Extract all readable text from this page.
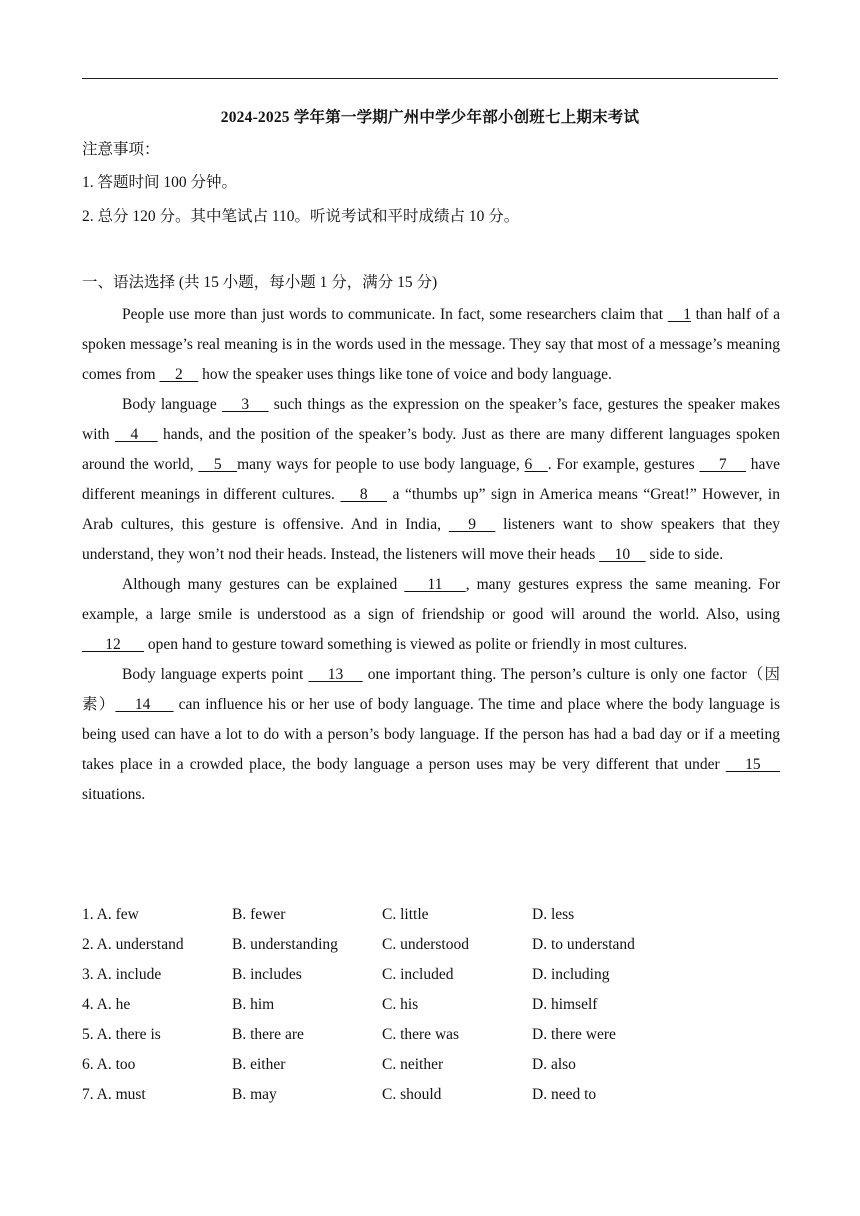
2024-2025 学年第一学期广州中学少年部小创班七上期末考试
注意事项：
1. 答题时间 100 分钟。
2. 总分 120 分。其中笔试占 110。听说考试和平时成绩占 10 分。
一、语法选择 (共 15 小题，每小题 1 分，满分 15 分)

People use more than just words to communicate. In fact, some researchers claim that     1 than half of a spoken message’s real meaning is in the words used in the message. They say that most of a message’s meaning comes from     2     how the speaker uses things like tone of voice and body language.

Body language      3      such things as the expression on the speaker’s face, gestures the speaker makes with     4      hands, and the position of the speaker’s body. Just as there are many different languages spoken around the world,     5    many ways for people to use body language, 6    . For example, gestures      7      have different meanings in different cultures.      8      a “thumbs up” sign in America means “Great!” However, in Arab cultures, this gesture is offensive. And in India,      9      listeners want to show speakers that they understand, they won’t nod their heads. Instead, the listeners will move their heads     10     side to side.

Although many gestures can be explained       11      , many gestures express the same meaning. For example, a large smile is understood as a sign of friendship or good will around the world. Also, using       12       open hand to gesture toward something is viewed as polite or friendly in most cultures.

Body language experts point      13      one important thing. The person’s culture is only one factor（因素）     14       can influence his or her use of body language. The time and place where the body language is being used can have a lot to do with a person’s body language. If the person has had a bad day or if a meeting takes place in a crowded place, the body language a person uses may be very different that under      15      situations.

1. A. few	B. fewer	C. little	D. less
2. A. understand	B. understanding	C. understood	D. to understand
3. A. include	B. includes	C. included	D. including
4. A. he	B. him	C. his	D. himself
5. A. there is	B. there are	C. there was	D. there were
6. A. too	B. either	C. neither	D. also
7. A. must	B. may	C. should	D. need to
